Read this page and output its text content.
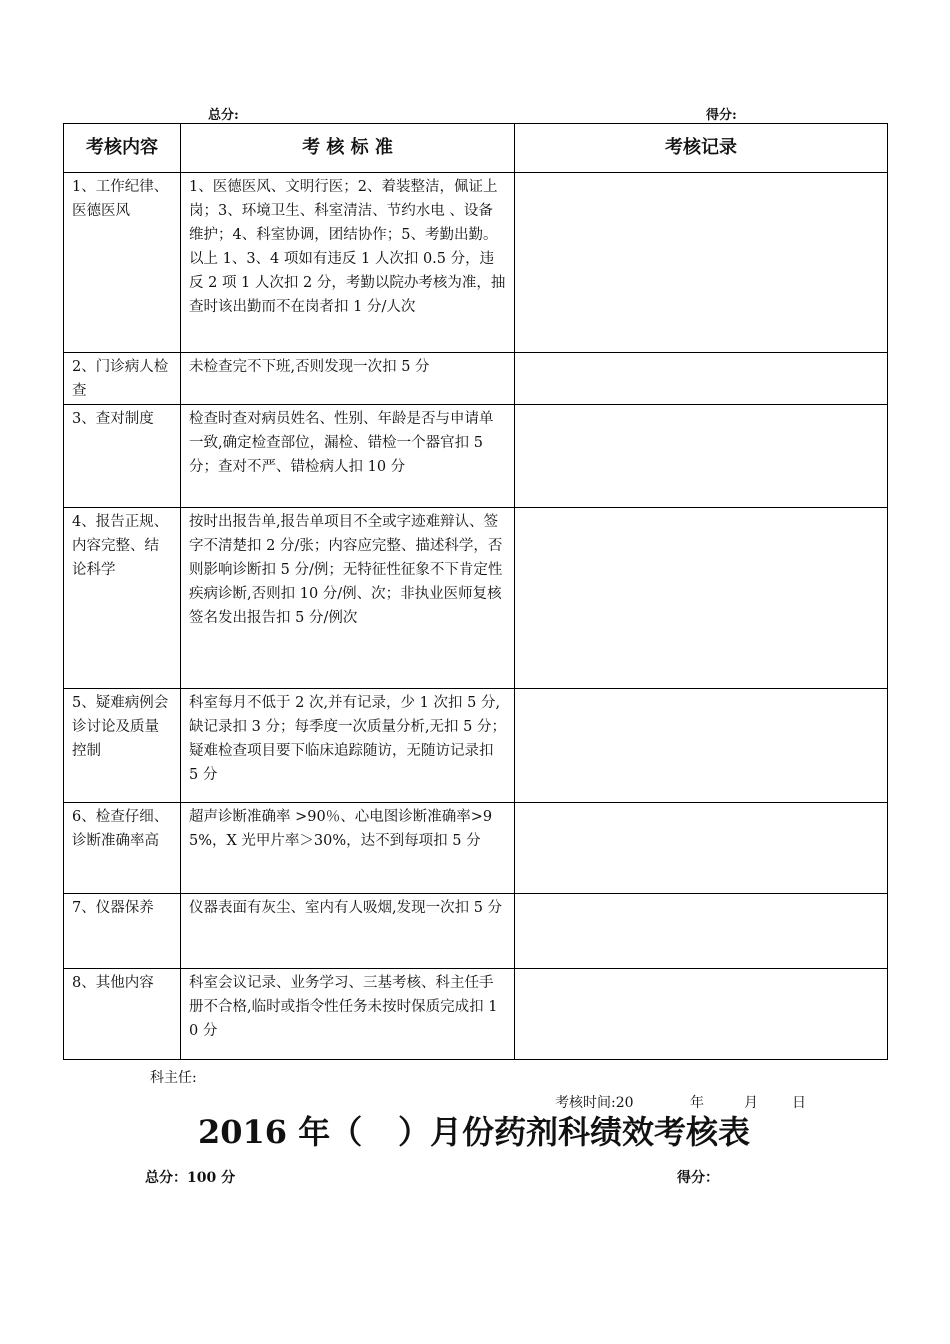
总分:	得分:
考核内容	考 核 标 准	考核记录
1、工作纪律、医德医风	1、医德医风、文明行医；2、着装整洁，佩证上岗；3、环境卫生、科室清洁、节约水电 、设备维护；4、科室协调，团结协作；5、考勤出勤。
以上 1、3、4 项如有违反 1 人次扣 0.5 分，违反 2 项 1 人次扣 2 分，考勤以院办考核为准，抽查时该出勤而不在岗者扣 1 分/人次	
2、门诊病人检查	未检查完不下班,否则发现一次扣 5 分	
3、查对制度	检查时查对病员姓名、性别、年龄是否与申请单一致,确定检查部位，漏检、错检一个器官扣 5 分；查对不严、错检病人扣 10 分	
4、报告正规、内容完整、结论科学	按时出报告单,报告单项目不全或字迹难辩认、签字不清楚扣 2 分/张；内容应完整、描述科学，否则影响诊断扣 5 分/例；无特征性征象不下肯定性疾病诊断,否则扣 10 分/例、次；非执业医师复核签名发出报告扣 5 分/例次	
5、疑难病例会诊讨论及质量控制	科室每月不低于 2 次,并有记录，少 1 次扣 5 分,缺记录扣 3 分；每季度一次质量分析,无扣 5 分；疑难检查项目要下临床追踪随访，无随访记录扣 5 分	
6、检查仔细、诊断准确率高	超声诊断准确率 >90％、心电图诊断准确率>95%，X 光甲片率＞30%，达不到每项扣 5 分	
7、仪器保养	仪器表面有灰尘、室内有人吸烟,发现一次扣 5 分	
8、其他内容	科室会议记录、业务学习、三基考核、科主任手册不合格,临时或指令性任务未按时保质完成扣 10 分	
科主任:
考核时间:20	年	月 日
2016 年（ ）月份药剂科绩效考核表
总分：100 分	得分：
